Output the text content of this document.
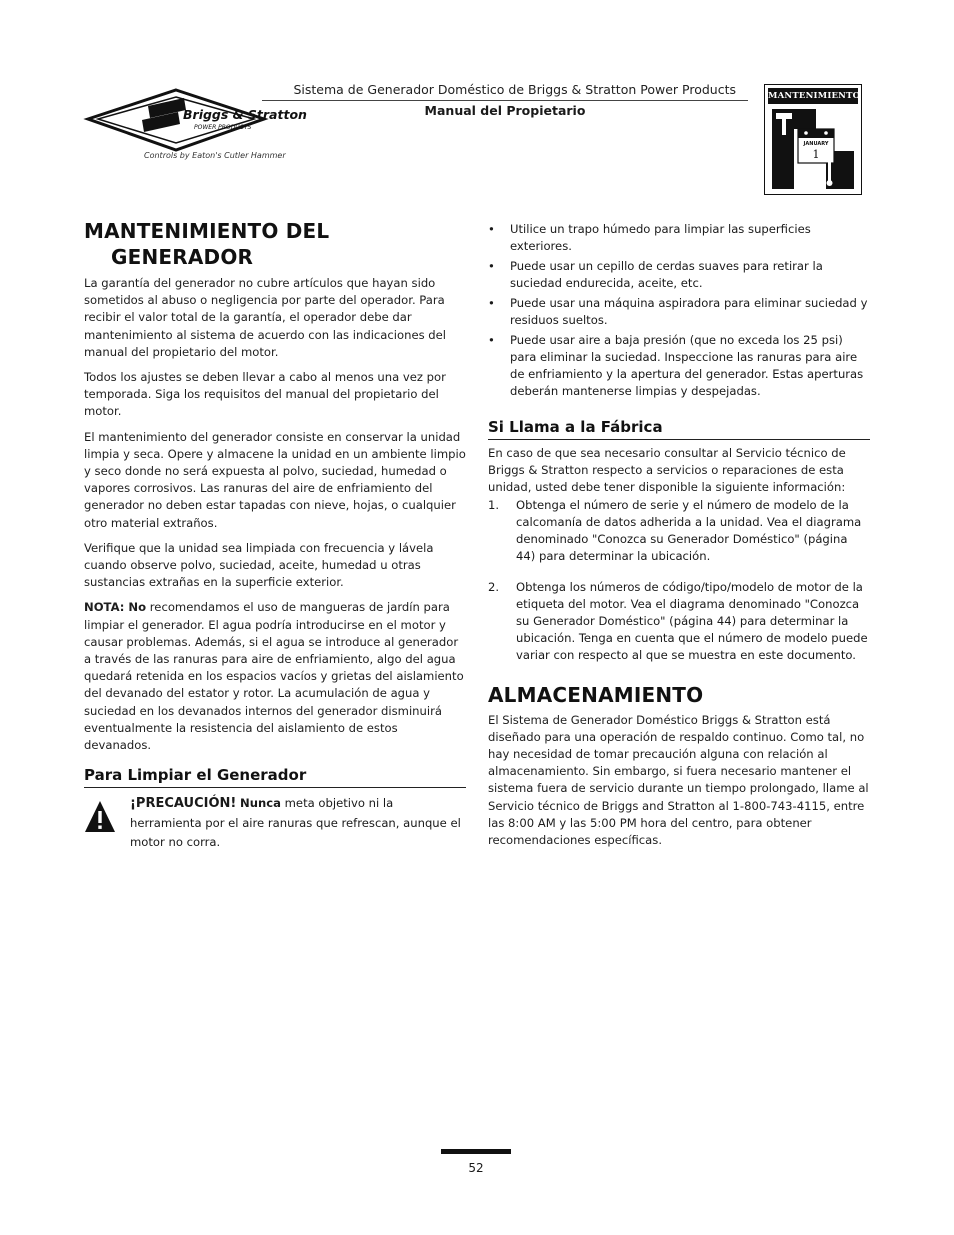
Briggs & Stratton
POWER PRODUCTS
Controls by Eaton's Cutler Hammer
Sistema de Generador Doméstico de Briggs & Stratton Power Products
Manual del Propietario
MANTENIMIENTO
JANUARY
1
MANTENIMIENTO DEL
GENERADOR

La garantía del generador no cubre artículos que hayan sido sometidos al abuso o negligencia por parte del operador. Para recibir el valor total de la garantía, el operador debe dar mantenimiento al sistema de acuerdo con las indicaciones del manual del propietario del motor.

Todos los ajustes se deben llevar a cabo al menos una vez por temporada. Siga los requisitos del manual del propietario del motor.

El mantenimiento del generador consiste en conservar la unidad limpia y seca. Opere y almacene la unidad en un ambiente limpio y seco donde no será expuesta al polvo, suciedad, humedad o vapores corrosivos. Las ranuras del aire de enfriamiento del generador no deben estar tapadas con nieve, hojas, o cualquier otro material extraños.

Verifique que la unidad sea limpiada con frecuencia y lávela cuando observe polvo, suciedad, aceite, humedad u otras sustancias extrañas en la superficie exterior.

NOTA: No recomendamos el uso de mangueras de jardín para limpiar el generador. El agua podría introducirse en el motor y causar problemas. Además, si el agua se introduce al generador a través de las ranuras para aire de enfriamiento, algo del agua quedará retenida en los espacios vacíos y grietas del aislamiento del devanado del estator y rotor. La acumulación de agua y suciedad en los devanados internos del generador disminuirá eventualmente la resistencia del aislamiento de estos devanados.

Para Limpiar el Generador
¡PRECAUCIÓN! Nunca meta objetivo ni la herramienta por el aire ranuras que refrescan, aunque el motor no corra.
• Utilice un trapo húmedo para limpiar las superficies exteriores.
• Puede usar un cepillo de cerdas suaves para retirar la suciedad endurecida, aceite, etc.
• Puede usar una máquina aspiradora para eliminar suciedad y residuos sueltos.
• Puede usar aire a baja presión (que no exceda los 25 psi) para eliminar la suciedad. Inspeccione las ranuras para aire de enfriamiento y la apertura del generador. Estas aperturas deberán mantenerse limpias y despejadas.
Si Llama a la Fábrica

En caso de que sea necesario consultar al Servicio técnico de Briggs & Stratton respecto a servicios o reparaciones de esta unidad, usted debe tener disponible la siguiente información:

1. Obtenga el número de serie y el número de modelo de la calcomanía de datos adherida a la unidad. Vea el diagrama denominado "Conozca su Generador Doméstico" (página 44) para determinar la ubicación.
2. Obtenga los números de código/tipo/modelo de motor de la etiqueta del motor. Vea el diagrama denominado "Conozca su Generador Doméstico" (página 44) para determinar la ubicación. Tenga en cuenta que el número de modelo puede variar con respecto al que se muestra en este documento.
ALMACENAMIENTO

El Sistema de Generador Doméstico Briggs & Stratton está diseñado para una operación de respaldo continuo. Como tal, no hay necesidad de tomar precaución alguna con relación al almacenamiento. Sin embargo, si fuera necesario mantener el sistema fuera de servicio durante un tiempo prolongado, llame al Servicio técnico de Briggs and Stratton al 1-800-743-4115, entre las 8:00 AM y las 5:00 PM hora del centro, para obtener recomendaciones específicas.

52
